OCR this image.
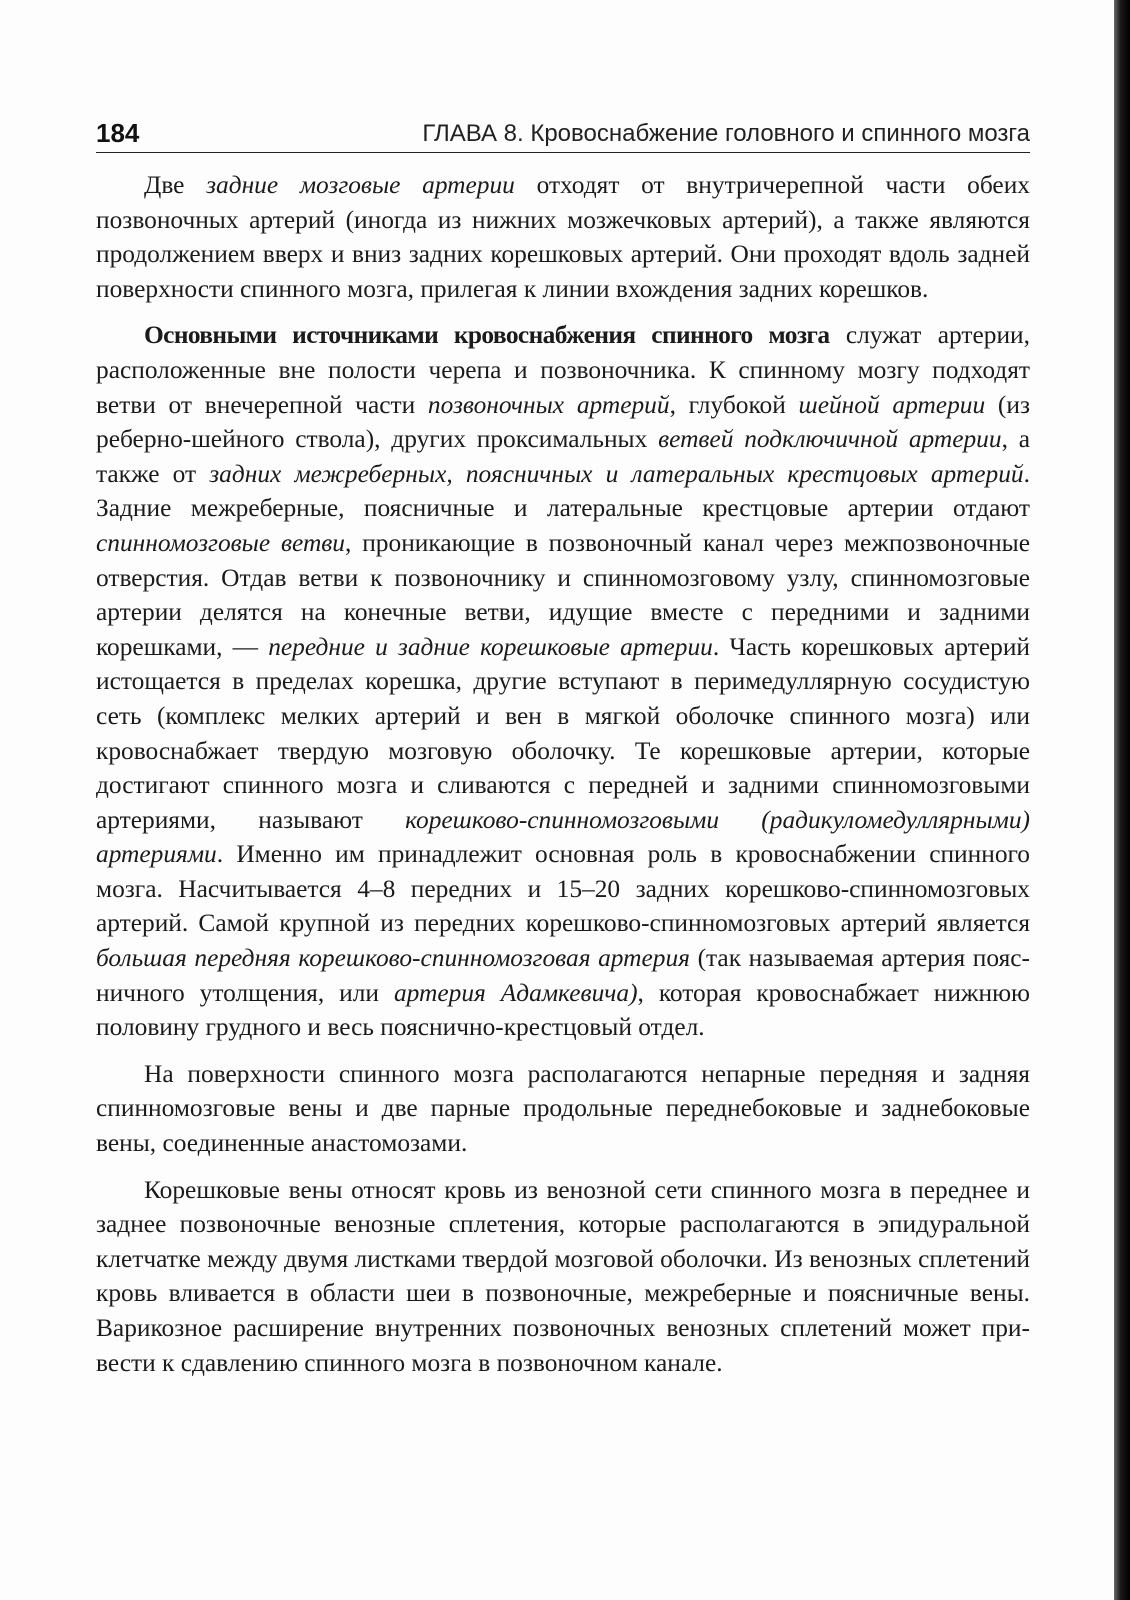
184	ГЛАВА 8. Кровоснабжение головного и спинного мозга

Две задние мозговые артерии отходят от внутричерепной части обеих позвоночных артерий (иногда из нижних мозжечковых артерий), а также являются продолжением вверх и вниз задних корешковых артерий. Они проходят вдоль задней поверхности спинного мозга, прилегая к линии вхождения задних корешков.

Основными источниками кровоснабжения спинного мозга служат артерии, расположенные вне полости черепа и позвоночника. К спинному мозгу подходят ветви от внечерепной части позвоночных артерий, глубокой шейной артерии (из реберно-шейного ствола), других проксимальных ветвей подключичной артерии, а также от задних межреберных, поясничных и латеральных крестцовых артерий. Задние межреберные, поясничные и латеральные крестцовые артерии отдают спинномозговые ветви, проникающие в позвоночный канал через межпозвоночные отверстия. Отдав ветви к позвоночнику и спинномозговому узлу, спинномозговые артерии делятся на конечные ветви, идущие вместе с передними и задними корешками, — передние и задние корешковые артерии. Часть корешковых артерий истощается в пределах корешка, другие вступают в перимедуллярную сосудистую сеть (комплекс мелких артерий и вен в мягкой оболочке спинного мозга) или кровоснабжает твердую мозговую оболочку. Те корешковые артерии, которые достигают спинного мозга и сливаются с передней и задними спинномозговыми артериями, называют корешково-спинномозговыми (радикуломедуллярными) артериями. Именно им принадлежит основная роль в кровоснабжении спинного мозга. Насчитывается 4–8 передних и 15–20 задних корешково-спинномозговых артерий. Самой крупной из передних корешково-спинномозговых артерий является большая передняя корешково-спинномозговая артерия (так называемая артерия поясничного утолщения, или артерия Адамкевича), которая кровоснабжает нижнюю половину грудного и весь пояснично-крестцовый отдел.

На поверхности спинного мозга располагаются непарные передняя и задняя спинномозговые вены и две парные продольные переднебоковые и заднебоковые вены, соединенные анастомозами.

Корешковые вены относят кровь из венозной сети спинного мозга в переднее и заднее позвоночные венозные сплетения, которые располагаются в эпидуральной клетчатке между двумя листками твердой мозговой оболочки. Из венозных сплетений кровь вливается в области шеи в позвоночные, межреберные и поясничные вены. Варикозное расширение внутренних позвоночных венозных сплетений может привести к сдавлению спинного мозга в позвоночном канале.
